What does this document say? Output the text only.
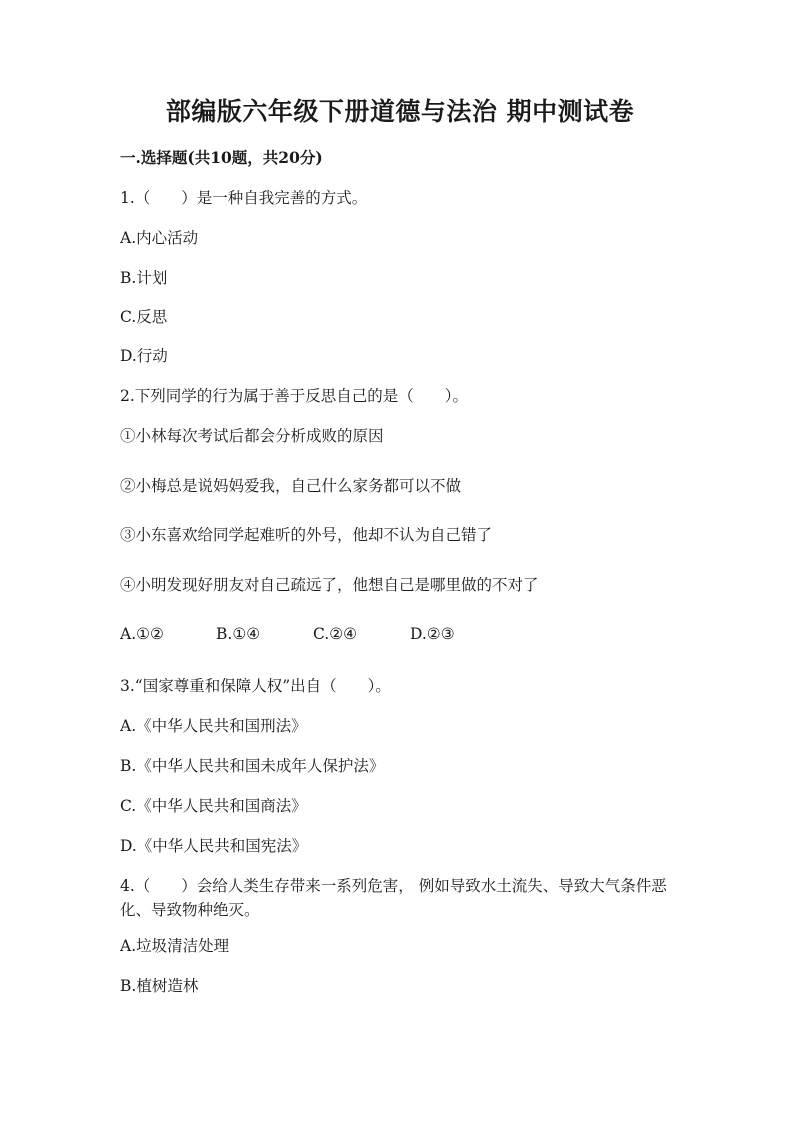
部编版六年级下册道德与法治 期中测试卷
一.选择题(共10题，共20分)
1.（　　）是一种自我完善的方式。
A.内心活动
B.计划
C.反思
D.行动
2.下列同学的行为属于善于反思自己的是（　　）。
①小林每次考试后都会分析成败的原因
②小梅总是说妈妈爱我，自己什么家务都可以不做
③小东喜欢给同学起难听的外号，他却不认为自己错了
④小明发现好朋友对自己疏远了，他想自己是哪里做的不对了
A.①②	B.①④	C.②④	D.②③
3.“国家尊重和保障人权”出自（　　）。
A.《中华人民共和国刑法》
B.《中华人民共和国未成年人保护法》
C.《中华人民共和国商法》
D.《中华人民共和国宪法》
4.（　　）会给人类生存带来一系列危害， 例如导致水土流失、导致大气条件恶化、导致物种绝灭。
A.垃圾清洁处理
B.植树造林
